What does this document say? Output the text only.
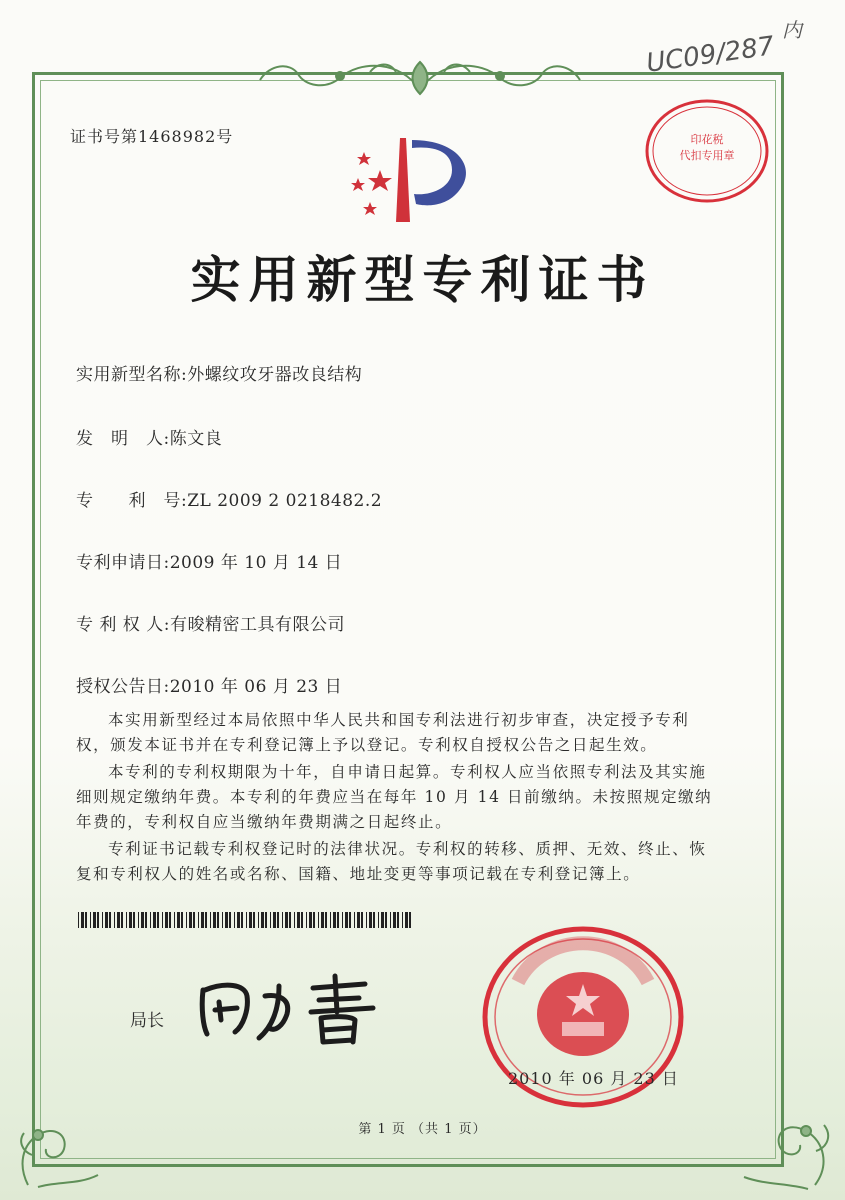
UC09/287
内
印花税
代扣专用章
证书号第1468982号
实用新型专利证书
实用新型名称:外螺纹攻牙器改良结构
发　明　人:陈文良
专　　利　号:ZL 2009 2 0218482.2
专利申请日:2009 年 10 月 14 日
专 利 权 人:有晙精密工具有限公司
授权公告日:2010 年 06 月 23 日

本实用新型经过本局依照中华人民共和国专利法进行初步审查，决定授予专利权，颁发本证书并在专利登记簿上予以登记。专利权自授权公告之日起生效。

本专利的专利权期限为十年，自申请日起算。专利权人应当依照专利法及其实施细则规定缴纳年费。本专利的年费应当在每年 10 月 14 日前缴纳。未按照规定缴纳年费的，专利权自应当缴纳年费期满之日起终止。

专利证书记载专利权登记时的法律状况。专利权的转移、质押、无效、终止、恢复和专利权人的姓名或名称、国籍、地址变更等事项记载在专利登记簿上。

局长
2010 年 06 月 23 日
第 1 页 （共 1 页）
